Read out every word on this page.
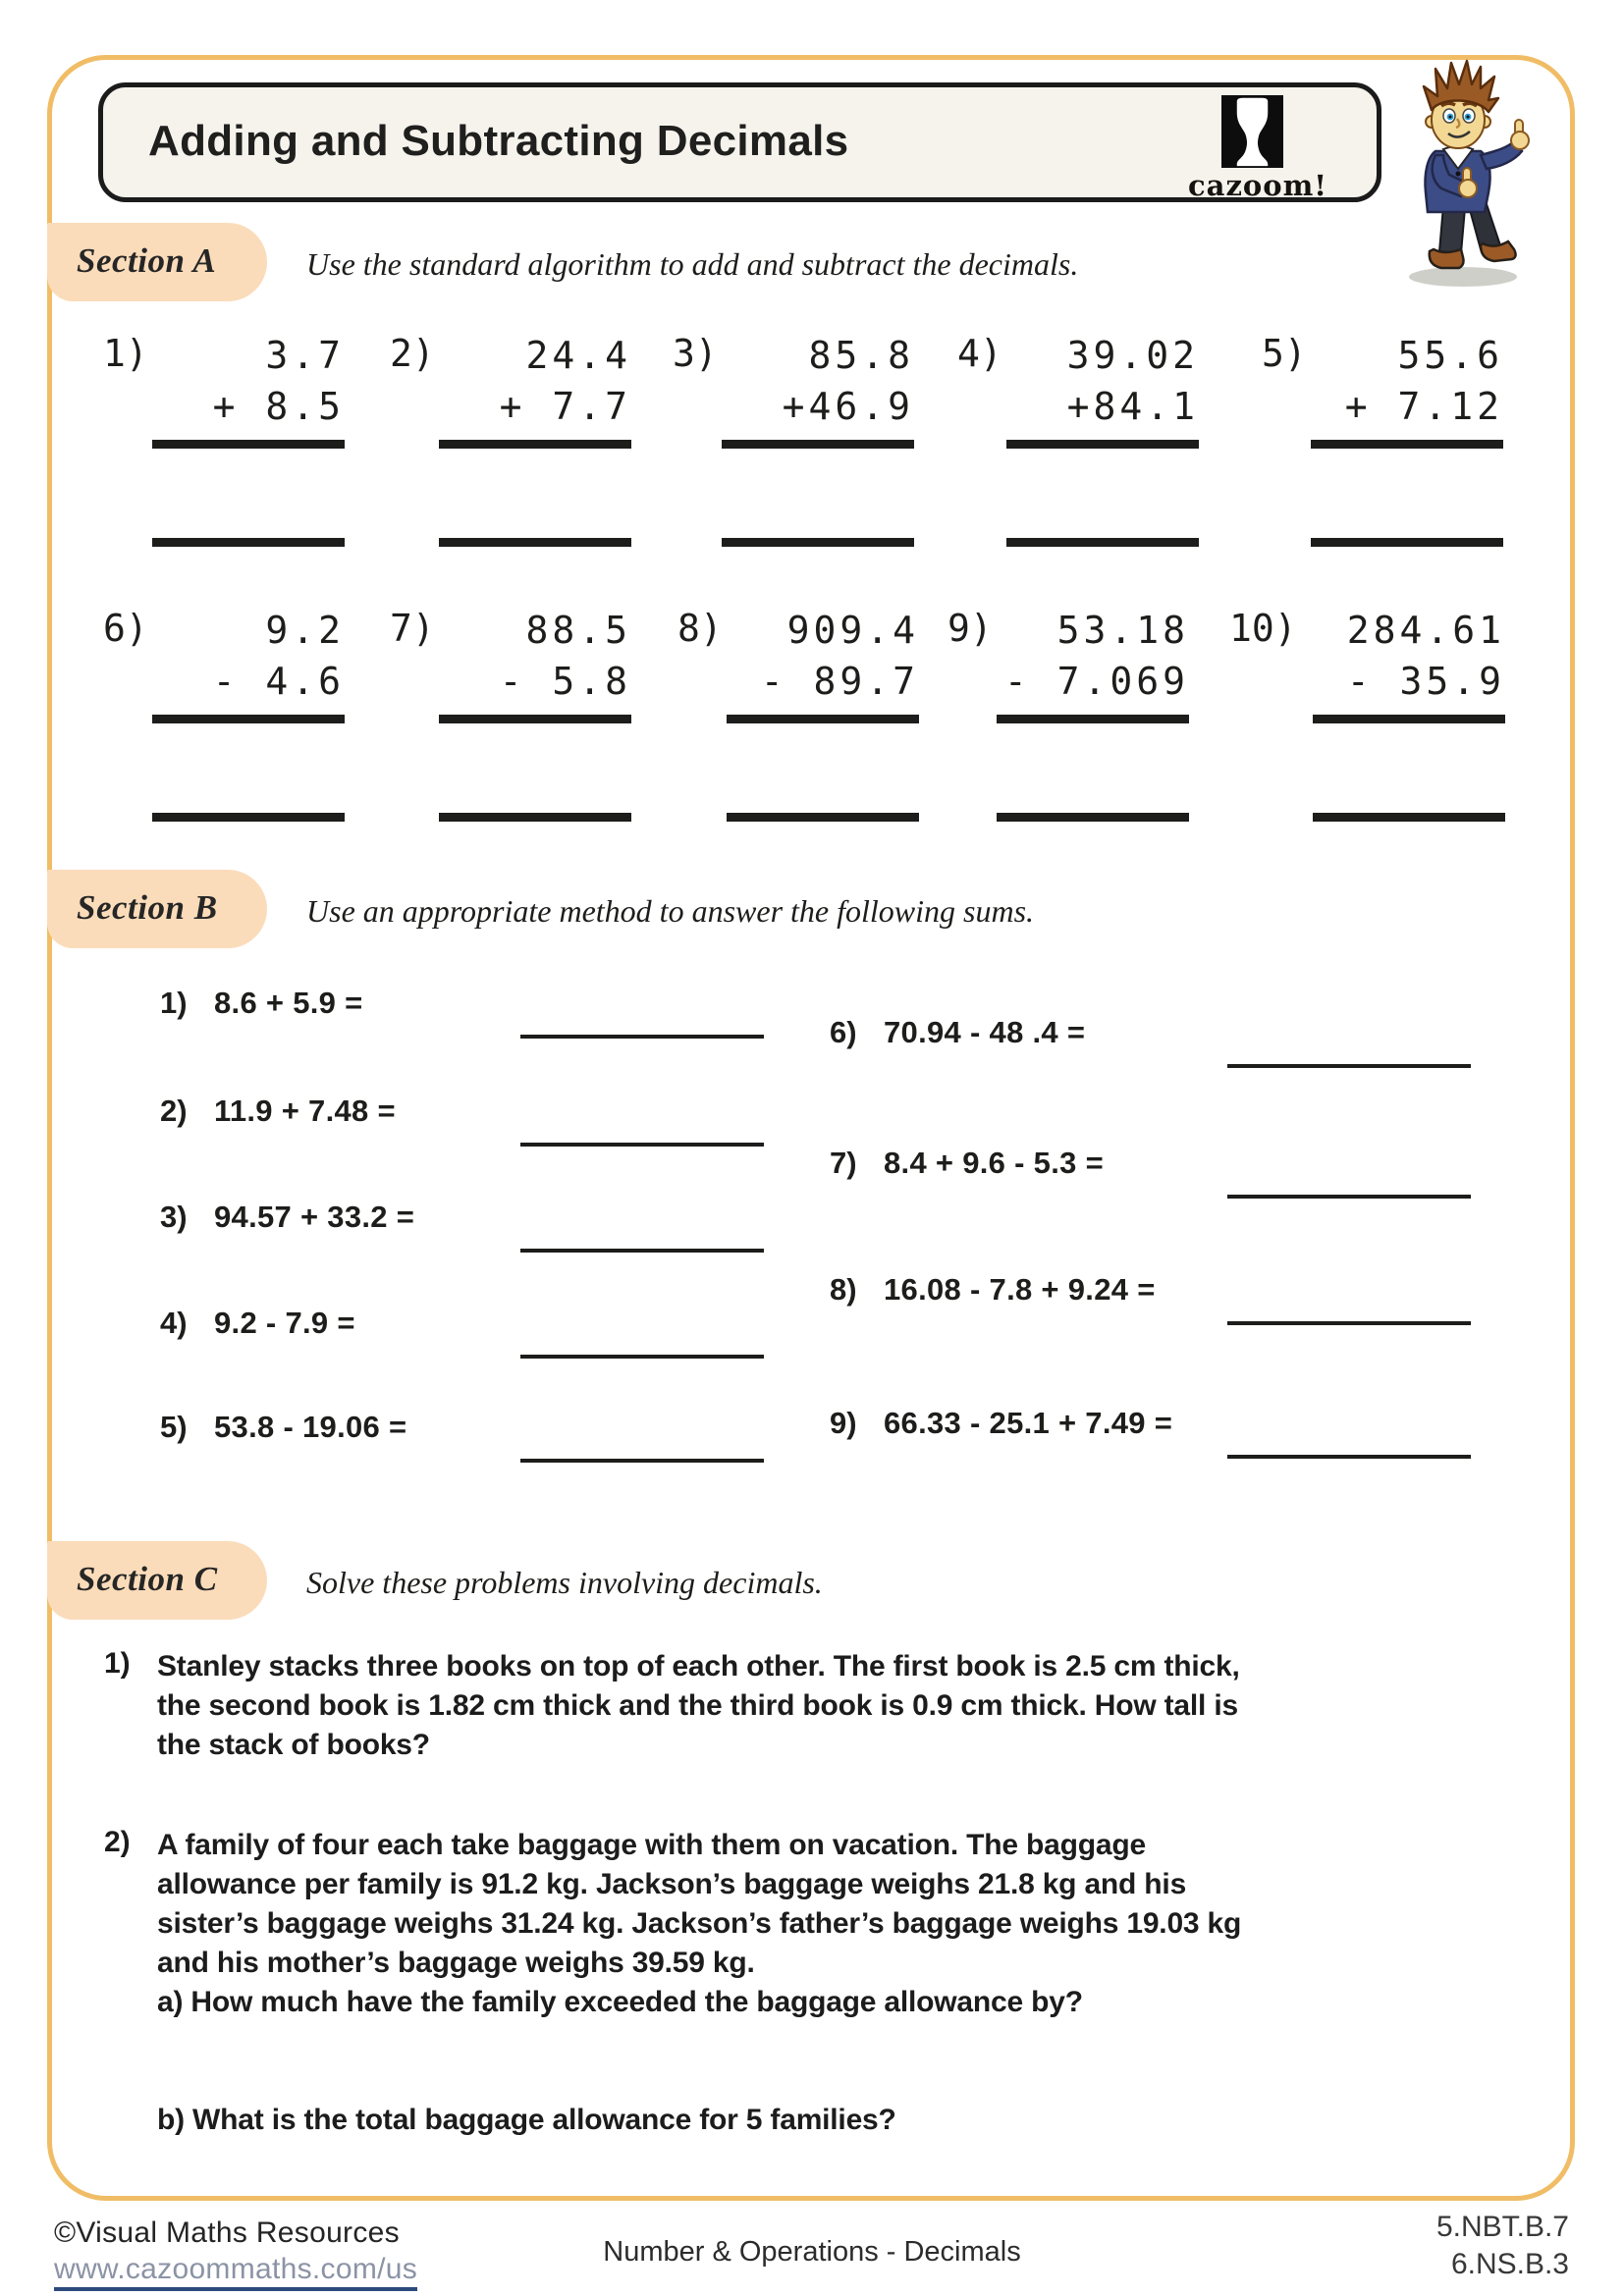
Adding and Subtracting Decimals
cazoom!
Section A	Use the standard algorithm to add and subtract the decimals.
1)	3.7
+ 8.5
2)	24.4
+ 7.7
3)	85.8
+46.9
4)	39.02
+84.1
5)	55.6
+ 7.12
6)	9.2
- 4.6
7)	88.5
- 5.8
8)	909.4
- 89.7
9)	53.18
- 7.069
10)	284.61
- 35.9
Section B	Use an appropriate method to answer the following sums.
1) 8.6 + 5.9 =
2) 11.9 + 7.48 =
3) 94.57 + 33.2 =
4) 9.2 - 7.9 =
5) 53.8 - 19.06 =
6) 70.94 - 48 .4 =
7) 8.4 + 9.6 - 5.3 =
8) 16.08 - 7.8 + 9.24 =
9) 66.33 - 25.1 + 7.49 =
Section C	Solve these problems involving decimals.
1) Stanley stacks three books on top of each other. The first book is 2.5 cm thick,
the second book is 1.82 cm thick and the third book is 0.9 cm thick. How tall is
the stack of books?
2) A family of four each take baggage with them on vacation. The baggage
allowance per family is 91.2 kg. Jackson’s baggage weighs 21.8 kg and his
sister’s baggage weighs 31.24 kg. Jackson’s father’s baggage weighs 19.03 kg
and his mother’s baggage weighs 39.59 kg.
a) How much have the family exceeded the baggage allowance by?
b) What is the total baggage allowance for 5 families?
©Visual Maths Resources
www.cazoommaths.com/us
Number & Operations - Decimals
5.NBT.B.7
6.NS.B.3
